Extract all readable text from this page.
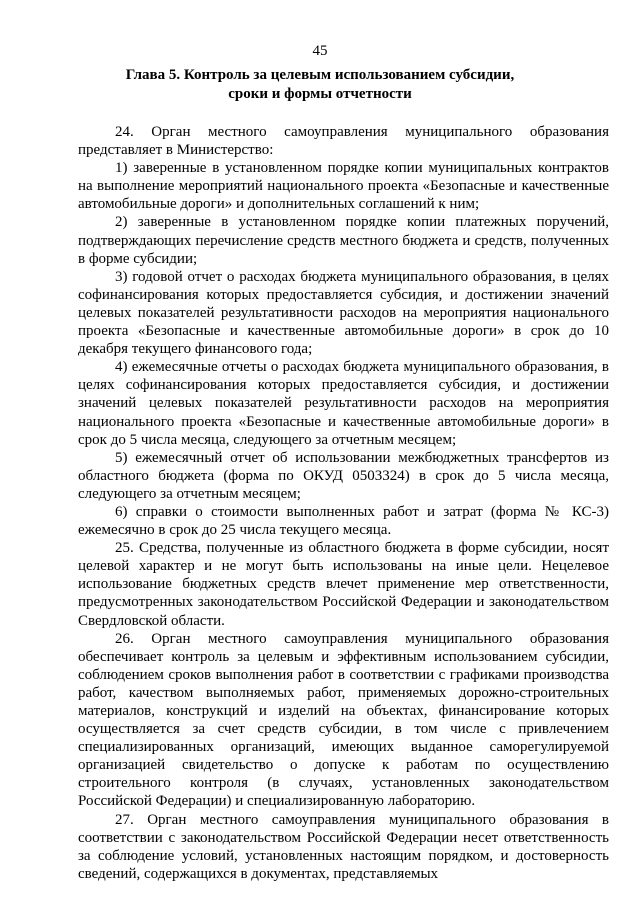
45
Глава 5. Контроль за целевым использованием субсидии,
сроки и формы отчетности

24. Орган местного самоуправления муниципального образования представляет в Министерство:

1) заверенные в установленном порядке копии муниципальных контрактов на выполнение мероприятий национального проекта «Безопасные и качественные автомобильные дороги» и дополнительных соглашений к ним;

2) заверенные в установленном порядке копии платежных поручений, подтверждающих перечисление средств местного бюджета и средств, полученных в форме субсидии;

3) годовой отчет о расходах бюджета муниципального образования, в целях софинансирования которых предоставляется субсидия, и достижении значений целевых показателей результативности расходов на мероприятия национального проекта «Безопасные и качественные автомобильные дороги» в срок до 10 декабря текущего финансового года;

4) ежемесячные отчеты о расходах бюджета муниципального образования, в целях софинансирования которых предоставляется субсидия, и достижении значений целевых показателей результативности расходов на мероприятия национального проекта «Безопасные и качественные автомобильные дороги» в срок до 5 числа месяца, следующего за отчетным месяцем;

5) ежемесячный отчет об использовании межбюджетных трансфертов из областного бюджета (форма по ОКУД 0503324) в срок до 5 числа месяца, следующего за отчетным месяцем;

6) справки о стоимости выполненных работ и затрат (форма № КС-3) ежемесячно в срок до 25 числа текущего месяца.

25. Средства, полученные из областного бюджета в форме субсидии, носят целевой характер и не могут быть использованы на иные цели. Нецелевое использование бюджетных средств влечет применение мер ответственности, предусмотренных законодательством Российской Федерации и законодательством Свердловской области.

26. Орган местного самоуправления муниципального образования обеспечивает контроль за целевым и эффективным использованием субсидии, соблюдением сроков выполнения работ в соответствии с графиками производства работ, качеством выполняемых работ, применяемых дорожно-строительных материалов, конструкций и изделий на объектах, финансирование которых осуществляется за счет средств субсидии, в том числе с привлечением специализированных организаций, имеющих выданное саморегулируемой организацией свидетельство о допуске к работам по осуществлению строительного контроля (в случаях, установленных законодательством Российской Федерации) и специализированную лабораторию.

27. Орган местного самоуправления муниципального образования в соответствии с законодательством Российской Федерации несет ответственность за соблюдение условий, установленных настоящим порядком, и достоверность сведений, содержащихся в документах, представляемых
